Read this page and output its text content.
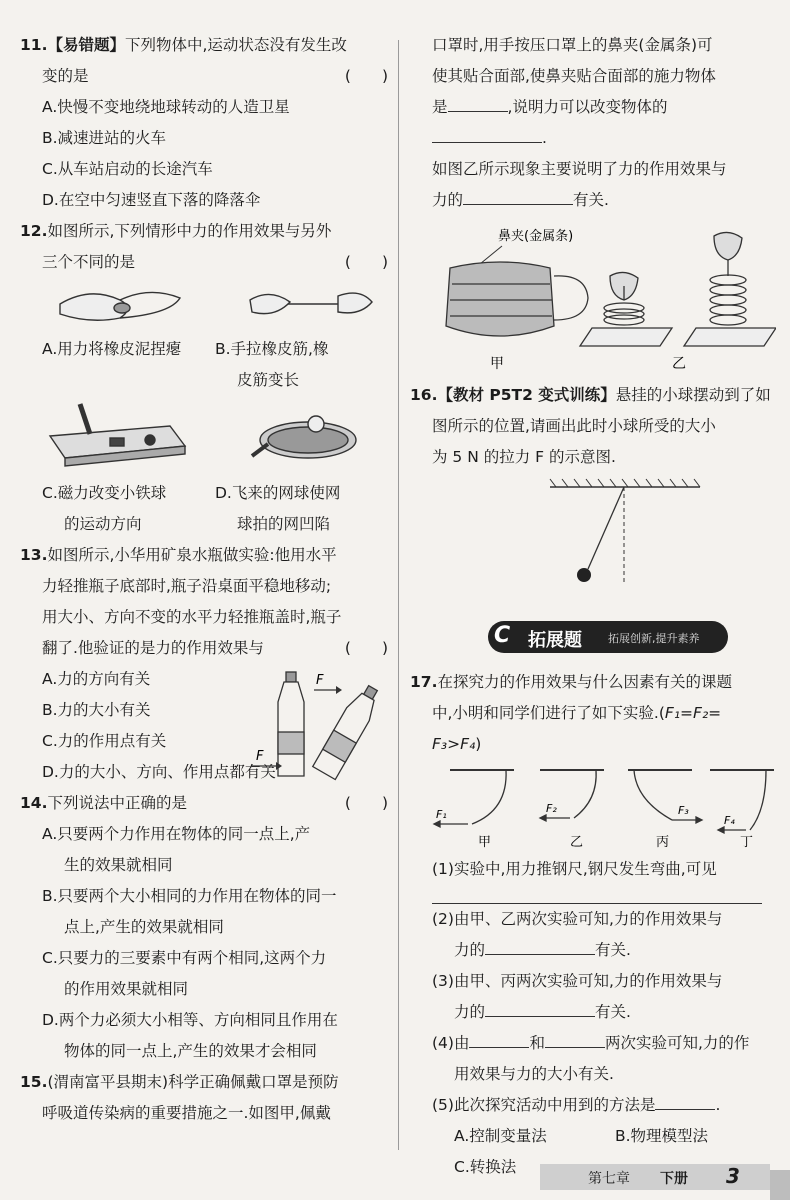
11.【易错题】下列物体中,运动状态没有发生改

变的是	(　　)

A.快慢不变地绕地球转动的人造卫星

B.减速进站的火车

C.从车站启动的长途汽车

D.在空中匀速竖直下落的降落伞

12.如图所示,下列情形中力的作用效果与另外

三个不同的是	(　　)

A.用力将橡皮泥捏瘪	B.手拉橡皮筋,橡

皮筋变长

C.磁力改变小铁球

的运动方向

D.飞来的网球使网

球拍的网凹陷

13.如图所示,小华用矿泉水瓶做实验:他用水平

力轻推瓶子底部时,瓶子沿桌面平稳地移动;

用大小、方向不变的水平力轻推瓶盖时,瓶子

翻了.他验证的是力的作用效果与	(　　)

A.力的方向有关

B.力的大小有关

C.力的作用点有关

D.力的大小、方向、作用点都有关

F
F

14.下列说法中正确的是	(　　)

A.只要两个力作用在物体的同一点上,产

生的效果就相同

B.只要两个大小相同的力作用在物体的同一

点上,产生的效果就相同

C.只要力的三要素中有两个相同,这两个力

的作用效果就相同

D.两个力必须大小相等、方向相同且作用在

物体的同一点上,产生的效果才会相同

15.(渭南富平县期末)科学正确佩戴口罩是预防

呼吸道传染病的重要措施之一.如图甲,佩戴

口罩时,用手按压口罩上的鼻夹(金属条)可

使其贴合面部,使鼻夹贴合面部的施力物体

是	,说明力可以改变物体的.

如图乙所示现象主要说明了力的作用效果与

力的	有关.

鼻夹(金属条)
甲	乙

16.【教材 P5T2 变式训练】悬挂的小球摆动到了如

图所示的位置,请画出此时小球所受的大小

为 5 N 的拉力 F 的示意图.

C 拓展题 拓展创新,提升素养

17.在探究力的作用效果与什么因素有关的课题

中,小明和同学们进行了如下实验.(F₁=F₂=

F₃>F₄)

F₁	F₂	F₃
F₄
甲	乙	丙	丁

(1)实验中,用力推钢尺,钢尺发生弯曲,可见

(2)由甲、乙两次实验可知,力的作用效果与

力的	有关.

(3)由甲、丙两次实验可知,力的作用效果与

力的	有关.

(4)由	和	两次实验可知,力的作

用效果与力的大小有关.

(5)此次探究活动中用到的方法是	.

A.控制变量法	B.物理模型法

C.转换法

第七章 下册 3
